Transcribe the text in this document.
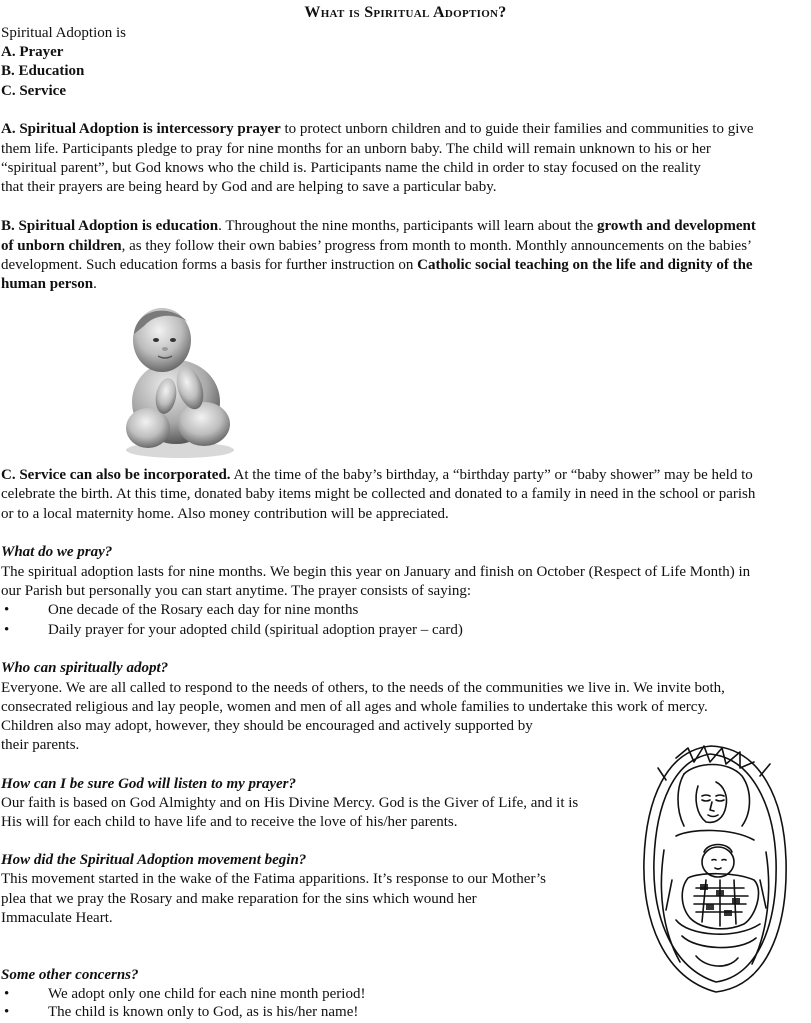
What is Spiritual Adoption?
Spiritual Adoption is
A. Prayer
B. Education
C. Service
A. Spiritual Adoption is intercessory prayer to protect unborn children and to guide their families and communities to give
them life. Participants pledge to pray for nine months for an unborn baby. The child will remain unknown to his or her
“spiritual parent”, but God knows who the child is. Participants name the child in order to stay focused on the reality
that their prayers are being heard by God and are helping to save a particular baby.
B. Spiritual Adoption is education. Throughout the nine months, participants will learn about the growth and development
of unborn children, as they follow their own babies’ progress from month to month. Monthly announcements on the babies’
development. Such education forms a basis for further instruction on Catholic social teaching on the life and dignity of the
human person.
C. Service can also be incorporated. At the time of the baby’s birthday, a “birthday party” or “baby shower” may be held to
celebrate the birth. At this time, donated baby items might be collected and donated to a family in need in the school or parish
or to a local maternity home. Also money contribution will be appreciated.
What do we pray?
The spiritual adoption lasts for nine months. We begin this year on January and finish on October (Respect of Life Month) in
our Parish but personally you can start anytime. The prayer consists of saying:
•	One decade of the Rosary each day for nine months
•	Daily prayer for your adopted child (spiritual adoption prayer – card)
Who can spiritually adopt?
Everyone. We are all called to respond to the needs of others, to the needs of the communities we live in. We invite both,
consecrated religious and lay people, women and men of all ages and whole families to undertake this work of mercy.
Children also may adopt, however, they should be encouraged and actively supported by
their parents.
How can I be sure God will listen to my prayer?
Our faith is based on God Almighty and on His Divine Mercy. God is the Giver of Life, and it is
His will for each child to have life and to receive the love of his/her parents.
How did the Spiritual Adoption movement begin?
This movement started in the wake of the Fatima apparitions. It’s response to our Mother’s
plea that we pray the Rosary and make reparation for the sins which wound her
Immaculate Heart.
Some other concerns?
•	We adopt only one child for each nine month period!
•	The child is known only to God, as is his/her name!
